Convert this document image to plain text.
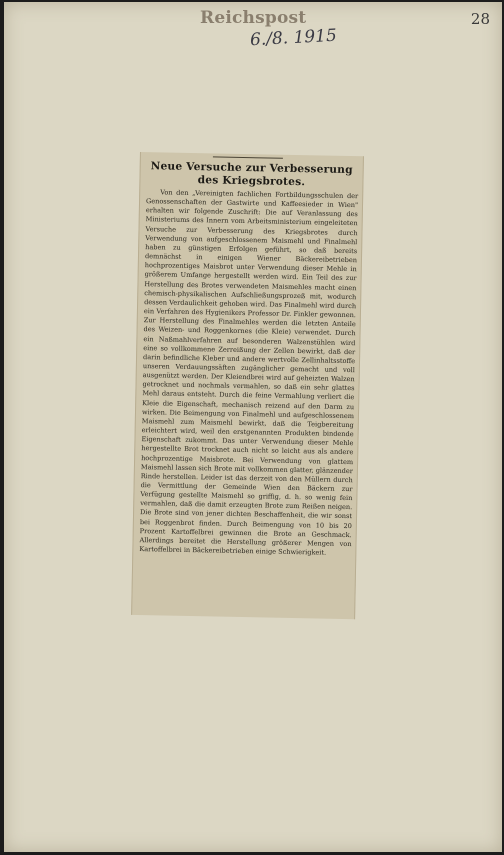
Reichspost
6./8. 1915
28
Neue Versuche zur Verbesserung des Kriegsbrotes.
Von den „Vereinigten fachlichen Fortbildungsschulen der Genossenschaften der Gastwirte und Kaffeesieder in Wien" erhalten wir folgende Zuschrift: Die auf Veranlassung des Ministeriums des Innern vom Arbeitsministerium eingeleiteten Versuche zur Verbesserung des Kriegsbrotes durch Verwendung von aufgeschlossenem Maismehl und Finalmehl haben zu günstigen Erfolgen geführt, so daß bereits demnächst in einigen Wiener Bäckereibetrieben hochprozentiges Maisbrot unter Verwendung dieser Mehle in größerem Umfange hergestellt werden wird. Ein Teil des zur Herstellung des Brotes verwendeten Maismehles macht einen chemisch-physikalischen Aufschließungsprozeß mit, wodurch dessen Verdaulichkeit gehoben wird. Das Finalmehl wird durch ein Verfahren des Hygienikers Professor Dr. Finkler gewonnen. Zur Herstellung des Finalmehles werden die letzten Anteile des Weizen- und Roggenkornes (die Kleie) verwendet. Durch ein Naßmahlverfahren auf besonderen Walzenstühlen wird eine so vollkommene Zerreißung der Zellen bewirkt, daß der darin befindliche Kleber und andere wertvolle Zellinhaltsstoffe unseren Verdauungssäften zugänglicher gemacht und voll ausgenützt werden. Der Kleiendbrei wird auf geheizten Walzen getrocknet und nochmals vermahlen, so daß ein sehr glattes Mehl daraus entsteht. Durch die feine Vermahlung verliert die Kleie die Eigenschaft, mechanisch reizend auf den Darm zu wirken. Die Beimengung von Finalmehl und aufgeschlossenem Maismehl zum Maismehl bewirkt, daß die Teigbereitung erleichtert wird, weil den erstgenannten Produkten bindende Eigenschaft zukommt. Das unter Verwendung dieser Mehle hergestellte Brot trocknet auch nicht so leicht aus als andere hochprozentige Maisbrote. Bei Verwendung von glattem Maismehl lassen sich Brote mit vollkommen glatter, glänzender Rinde herstellen. Leider ist das derzeit von den Müllern durch die Vermittlung der Gemeinde Wien den Bäckern zur Verfügung gestellte Maismehl so griffig, d. h. so wenig fein vermahlen, daß die damit erzeugten Brote zum Reißen neigen. Die Brote sind von jener dichten Beschaffenheit, die wir sonst bei Roggenbrot finden. Durch Beimengung von 10 bis 20 Prozent Kartoffelbrei gewinnen die Brote an Geschmack. Allerdings bereitet die Herstellung größerer Mengen von Kartoffelbrei in Bäckereibetrieben einige Schwierigkeit.
